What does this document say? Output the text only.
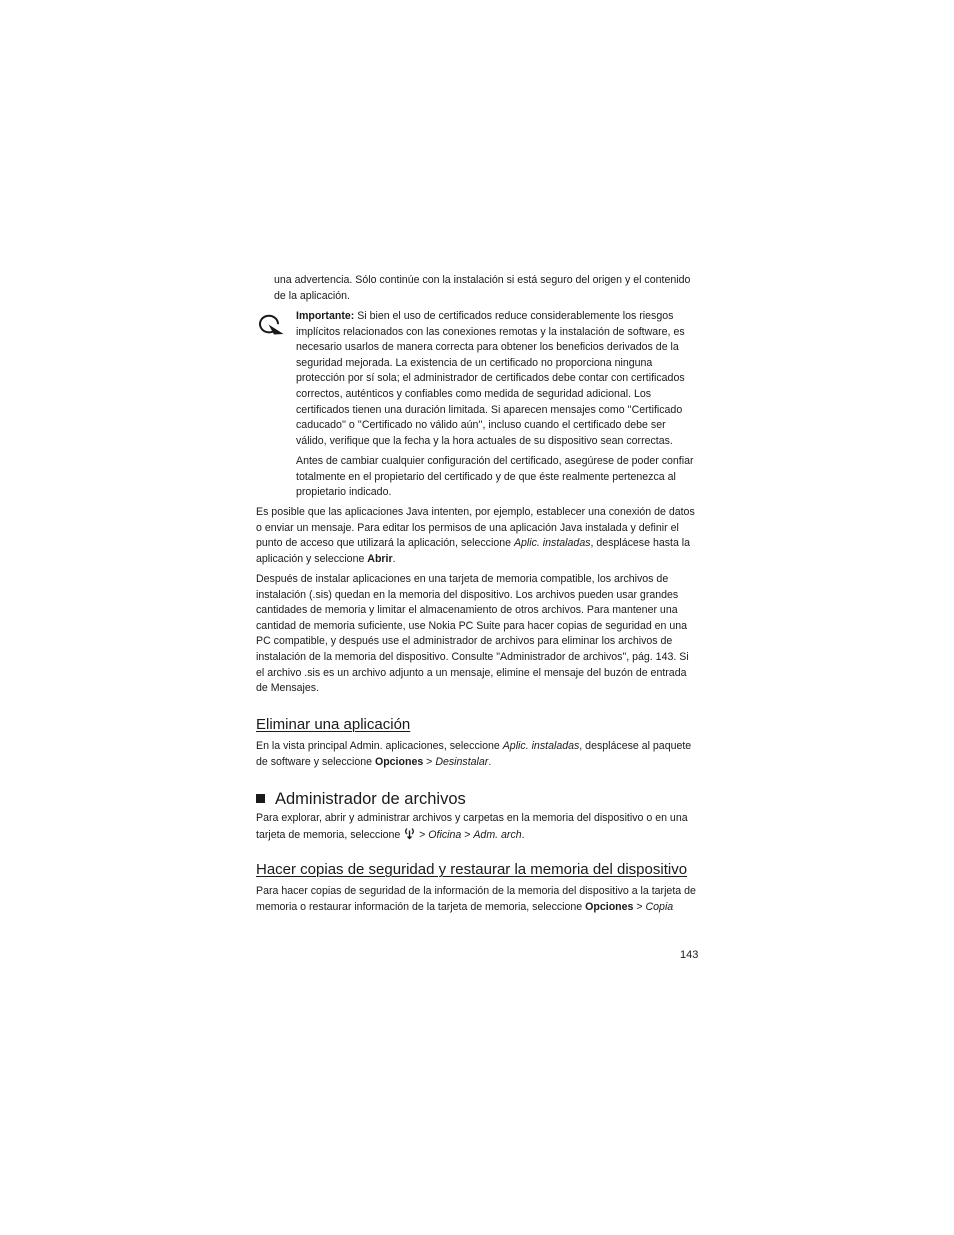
una advertencia. Sólo continúe con la instalación si está seguro del origen y el contenido de la aplicación.

Importante: Si bien el uso de certificados reduce considerablemente los riesgos implícitos relacionados con las conexiones remotas y la instalación de software, es necesario usarlos de manera correcta para obtener los beneficios derivados de la seguridad mejorada. La existencia de un certificado no proporciona ninguna protección por sí sola; el administrador de certificados debe contar con certificados correctos, auténticos y confiables como medida de seguridad adicional. Los certificados tienen una duración limitada. Si aparecen mensajes como ''Certificado caducado'' o ''Certificado no válido aún'', incluso cuando el certificado debe ser válido, verifique que la fecha y la hora actuales de su dispositivo sean correctas.

Antes de cambiar cualquier configuración del certificado, asegúrese de poder confiar totalmente en el propietario del certificado y de que éste realmente pertenezca al propietario indicado.

Es posible que las aplicaciones Java intenten, por ejemplo, establecer una conexión de datos o enviar un mensaje. Para editar los permisos de una aplicación Java instalada y definir el punto de acceso que utilizará la aplicación, seleccione Aplic. instaladas, desplácese hasta la aplicación y seleccione Abrir.

Después de instalar aplicaciones en una tarjeta de memoria compatible, los archivos de instalación (.sis) quedan en la memoria del dispositivo. Los archivos pueden usar grandes cantidades de memoria y limitar el almacenamiento de otros archivos. Para mantener una cantidad de memoria suficiente, use Nokia PC Suite para hacer copias de seguridad en una PC compatible, y después use el administrador de archivos para eliminar los archivos de instalación de la memoria del dispositivo. Consulte "Administrador de archivos", pág. 143. Si el archivo .sis es un archivo adjunto a un mensaje, elimine el mensaje del buzón de entrada de Mensajes.

Eliminar una aplicación

En la vista principal Admin. aplicaciones, seleccione Aplic. instaladas, desplácese al paquete de software y seleccione Opciones > Desinstalar.

Administrador de archivos

Para explorar, abrir y administrar archivos y carpetas en la memoria del dispositivo o en una tarjeta de memoria, seleccione  > Oficina > Adm. arch.

Hacer copias de seguridad y restaurar la memoria del dispositivo

Para hacer copias de seguridad de la información de la memoria del dispositivo a la tarjeta de memoria o restaurar información de la tarjeta de memoria, seleccione Opciones > Copia

143
